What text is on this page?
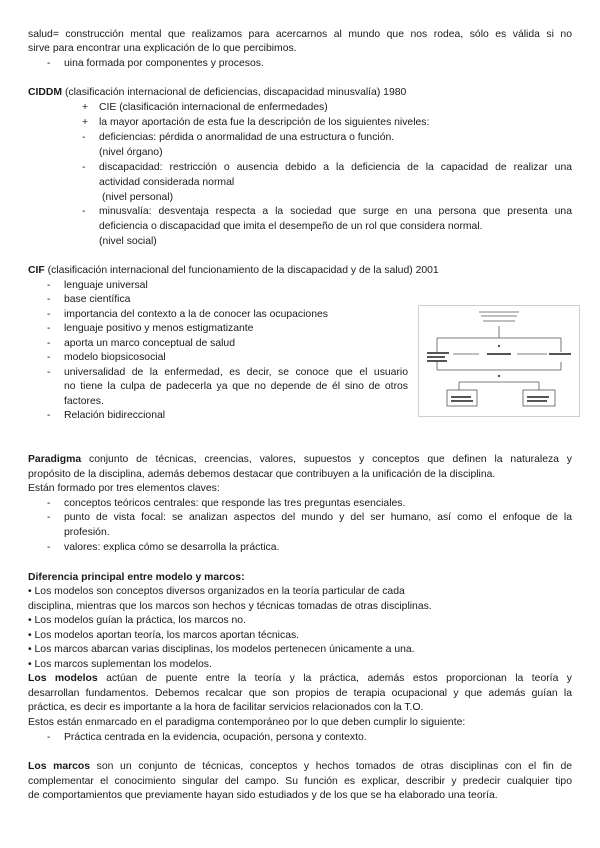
salud= construcción mental que realizamos para acercarnos al mundo que nos rodea, sólo es válida si no
sirve para encontrar una explicación de lo que percibimos.
- uina formada por componentes y procesos.
CIDDM (clasificación internacional de deficiencias, discapacidad minusvalía) 1980
+ CIE (clasificación internacional de enfermedades)
+ la mayor aportación de esta fue la descripción de los siguientes niveles:
- deficiencias: pérdida o anormalidad de una estructura o función.
(nivel órgano)
- discapacidad: restricción o ausencia debido a la deficiencia de la capacidad de realizar una
actividad considerada normal
(nivel personal)
- minusvalía: desventaja respecta a la sociedad que surge en una persona que presenta una
deficiencia o discapacidad que imita el desempeño de un rol que considera normal.
(nivel social)
CIF (clasificación internacional del funcionamiento de la discapacidad y de la salud) 2001
- lenguaje universal
- base científica
- importancia del contexto a la de conocer las ocupaciones
- lenguaje positivo y menos estigmatizante
- aporta un marco conceptual de salud
- modelo biopsicosocial
- universalidad de la enfermedad, es decir, se conoce que el usuario
no tiene la culpa de padecerla ya que no depende de él sino de otros
factores.
- Relación bidireccional
Paradigma conjunto de técnicas, creencias, valores, supuestos y conceptos que definen la naturaleza y
propósito de la disciplina, además debemos destacar que contribuyen a la unificación de la disciplina.
Están formado por tres elementos claves:
- conceptos teóricos centrales: que responde las tres preguntas esenciales.
- punto de vista focal: se analizan aspectos del mundo y del ser humano, así como el enfoque de la
profesión.
- valores: explica cómo se desarrolla la práctica.
Diferencia principal entre modelo y marcos:
• Los modelos son conceptos diversos organizados en la teoría particular de cada
disciplina, mientras que los marcos son hechos y técnicas tomadas de otras disciplinas.
• Los modelos guían la práctica, los marcos no.
• Los modelos aportan teoría, los marcos aportan técnicas.
• Los marcos abarcan varias disciplinas, los modelos pertenecen únicamente a una.
• Los marcos suplementan los modelos.
Los modelos actúan de puente entre la teoría y la práctica, además estos proporcionan la teoría y
desarrollan fundamentos. Debemos recalcar que son propios de terapia ocupacional y que además guían la
práctica, es decir es importante a la hora de facilitar servicios relacionados con la T.O.
Estos están enmarcado en el paradigma contemporáneo por lo que deben cumplir lo siguiente:
- Práctica centrada en la evidencia, ocupación, persona y contexto.
Los marcos son un conjunto de técnicas, conceptos y hechos tomados de otras disciplinas con el fin de
complementar el conocimiento singular del campo. Su función es explicar, describir y predecir cualquier tipo
de comportamientos que previamente hayan sido estudiados y de los que se ha elaborado una teoría.
